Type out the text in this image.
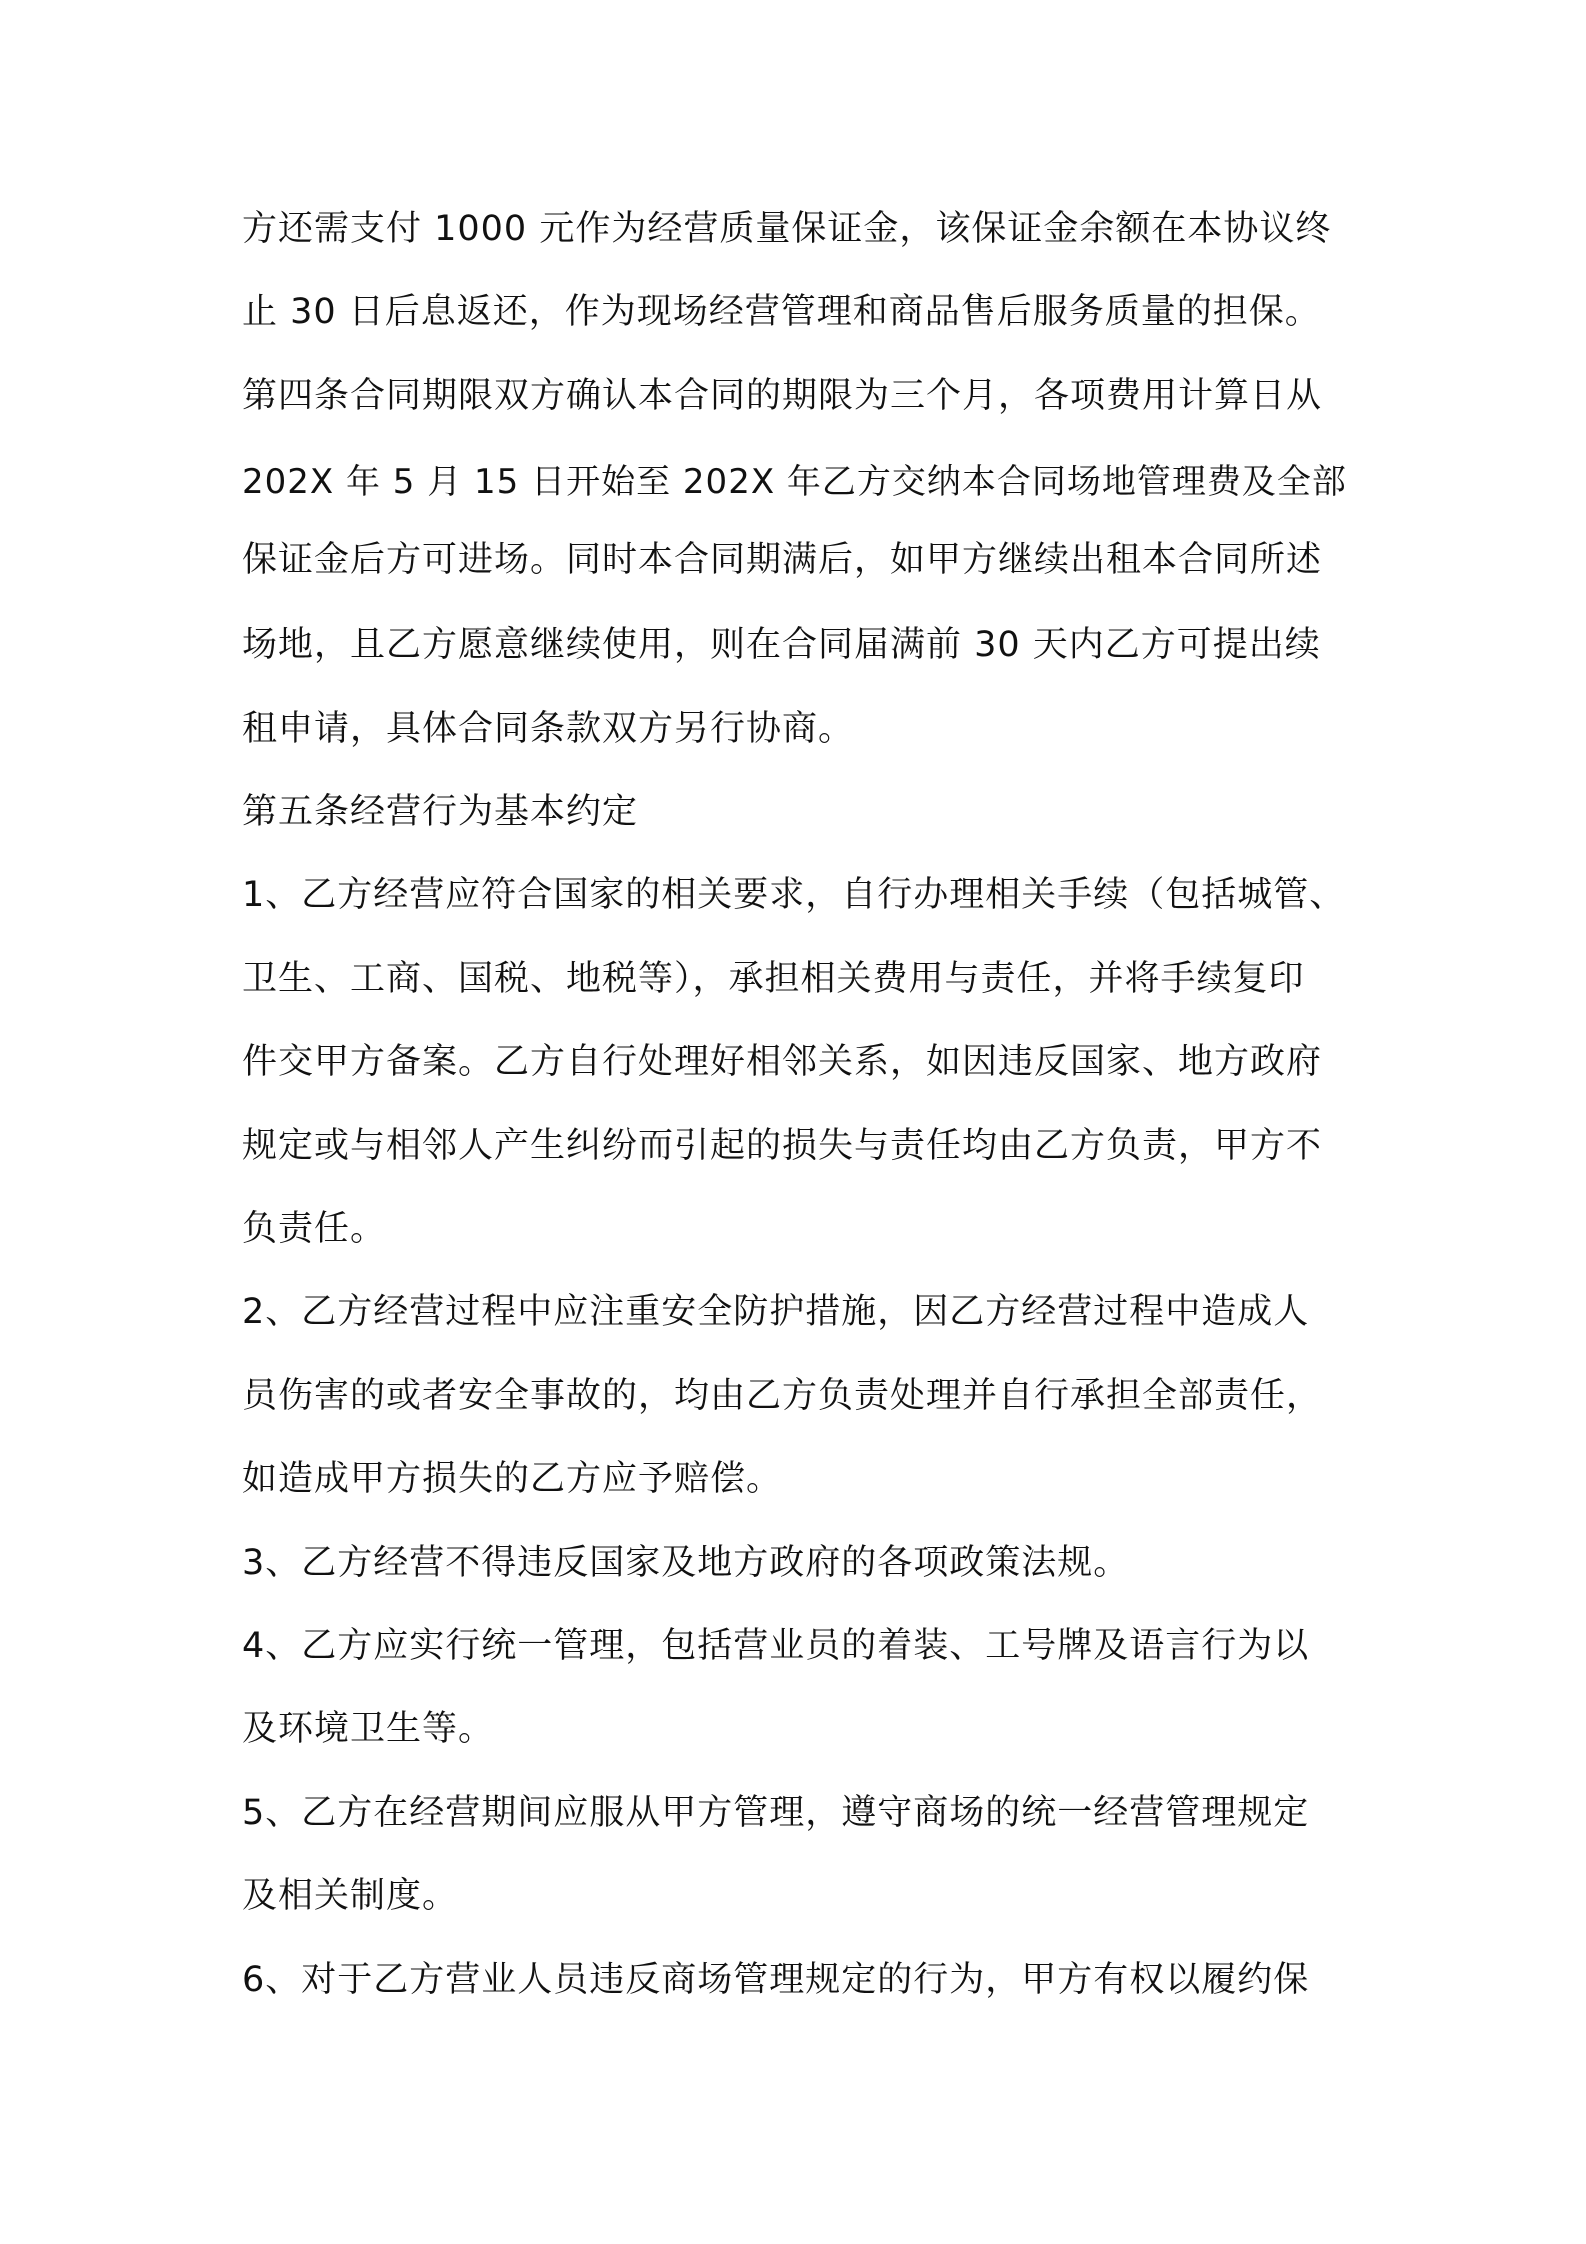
方还需支付 1000 元作为经营质量保证金，该保证金余额在本协议终

止 30 日后息返还，作为现场经营管理和商品售后服务质量的担保。

第四条合同期限双方确认本合同的期限为三个月，各项费用计算日从

202X 年 5 月 15 日开始至 202X 年乙方交纳本合同场地管理费及全部

保证金后方可进场。同时本合同期满后，如甲方继续出租本合同所述

场地，且乙方愿意继续使用，则在合同届满前 30 天内乙方可提出续

租申请，具体合同条款双方另行协商。

第五条经营行为基本约定

1、乙方经营应符合国家的相关要求，自行办理相关手续（包括城管、

卫生、工商、国税、地税等），承担相关费用与责任，并将手续复印

件交甲方备案。乙方自行处理好相邻关系，如因违反国家、地方政府

规定或与相邻人产生纠纷而引起的损失与责任均由乙方负责，甲方不

负责任。

2、乙方经营过程中应注重安全防护措施，因乙方经营过程中造成人

员伤害的或者安全事故的，均由乙方负责处理并自行承担全部责任，

如造成甲方损失的乙方应予赔偿。

3、乙方经营不得违反国家及地方政府的各项政策法规。

4、乙方应实行统一管理，包括营业员的着装、工号牌及语言行为以

及环境卫生等。

5、乙方在经营期间应服从甲方管理，遵守商场的统一经营管理规定

及相关制度。

6、对于乙方营业人员违反商场管理规定的行为，甲方有权以履约保
